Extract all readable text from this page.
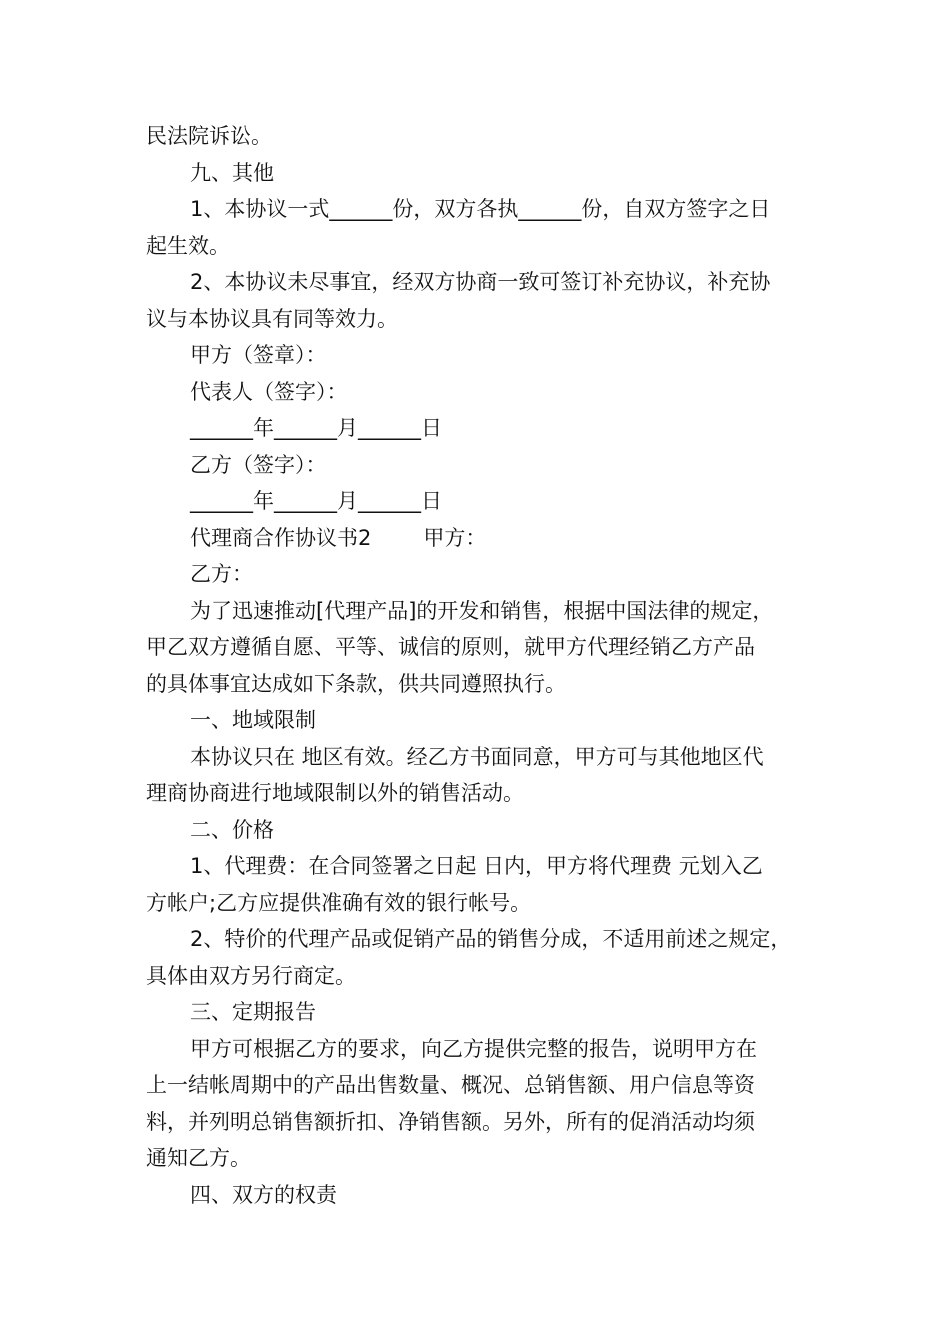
民法院诉讼。

九、其他

1、本协议一式______份，双方各执______份，自双方签字之日

起生效。

2、本协议未尽事宜，经双方协商一致可签订补充协议，补充协

议与本协议具有同等效力。

甲方（签章）：

代表人（签字）：

______年______月______日

乙方（签字）：

______年______月______日

代理商合作协议书2 甲方：

乙方：

为了迅速推动[代理产品]的开发和销售，根据中国法律的规定，

甲乙双方遵循自愿、平等、诚信的原则，就甲方代理经销乙方产品

的具体事宜达成如下条款，供共同遵照执行。

一、地域限制

本协议只在 地区有效。经乙方书面同意，甲方可与其他地区代

理商协商进行地域限制以外的销售活动。

二、价格

1、代理费：在合同签署之日起 日内，甲方将代理费 元划入乙

方帐户;乙方应提供准确有效的银行帐号。

2、特价的代理产品或促销产品的销售分成，不适用前述之规定，

具体由双方另行商定。

三、定期报告

甲方可根据乙方的要求，向乙方提供完整的报告，说明甲方在

上一结帐周期中的产品出售数量、概况、总销售额、用户信息等资

料，并列明总销售额折扣、净销售额。另外，所有的促消活动均须

通知乙方。

四、双方的权责
